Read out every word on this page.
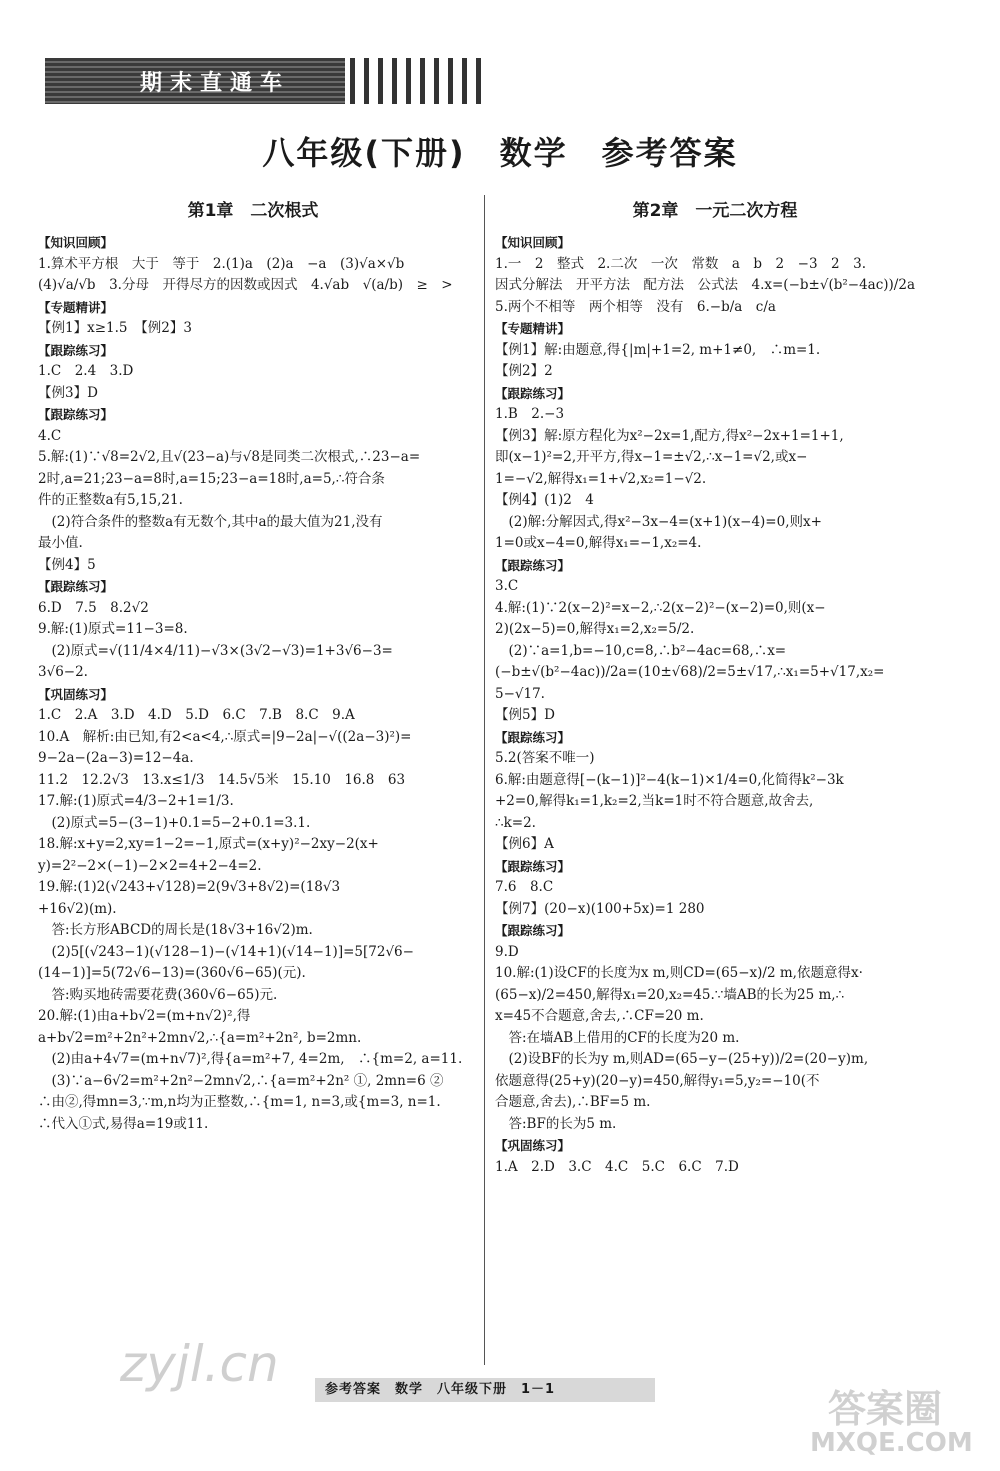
期末直通车
八年级(下册)　数学　参考答案
第1章　二次根式
【知识回顾】
1.算术平方根　大于　等于　2.(1)a　(2)a　−a　(3)√a×√b
(4)√a/√b　3.分母　开得尽方的因数或因式　4.√ab　√(a/b)　≥　>
【专题精讲】
【例1】x≥1.5　【例2】3
【跟踪练习】
1.C　2.4　3.D
【例3】D
【跟踪练习】
4.C
5.解:(1)∵√8=2√2,且√(23−a)与√8是同类二次根式,∴23−a=
2时,a=21;23−a=8时,a=15;23−a=18时,a=5,∴符合条
件的正整数a有5,15,21.
　(2)符合条件的整数a有无数个,其中a的最大值为21,没有
最小值.
【例4】5
【跟踪练习】
6.D　7.5　8.2√2
9.解:(1)原式=11−3=8.
　(2)原式=√(11/4×4/11)−√3×(3√2−√3)=1+3√6−3=
3√6−2.
【巩固练习】
1.C　2.A　3.D　4.D　5.D　6.C　7.B　8.C　9.A
10.A　解析:由已知,有2<a<4,∴原式=|9−2a|−√((2a−3)²)=
9−2a−(2a−3)=12−4a.
11.2　12.2√3　13.x≤1/3　14.5√5米　15.10　16.8　63
17.解:(1)原式=4/3−2+1=1/3.
　(2)原式=5−(3−1)+0.1=5−2+0.1=3.1.
18.解:x+y=2,xy=1−2=−1,原式=(x+y)²−2xy−2(x+
y)=2²−2×(−1)−2×2=4+2−4=2.
19.解:(1)2(√243+√128)=2(9√3+8√2)=(18√3
+16√2)(m).
　答:长方形ABCD的周长是(18√3+16√2)m.
　(2)5[(√243−1)(√128−1)−(√14+1)(√14−1)]=5[72√6−
(14−1)]=5(72√6−13)=(360√6−65)(元).
　答:购买地砖需要花费(360√6−65)元.
20.解:(1)由a+b√2=(m+n√2)²,得
a+b√2=m²+2n²+2mn√2,∴{a=m²+2n², b=2mn.
　(2)由a+4√7=(m+n√7)²,得{a=m²+7, 4=2m,　∴{m=2, a=11.
　(3)∵a−6√2=m²+2n²−2mn√2,∴{a=m²+2n² ①, 2mn=6 ②
∴由②,得mn=3,∵m,n均为正整数,∴{m=1, n=3,或{m=3, n=1.
∴代入①式,易得a=19或11.
第2章　一元二次方程
【知识回顾】
1.一　2　整式　2.二次　一次　常数　a　b　2　−3　2　3.
因式分解法　开平方法　配方法　公式法　4.x=(−b±√(b²−4ac))/2a
5.两个不相等　两个相等　没有　6.−b/a　c/a
【专题精讲】
【例1】解:由题意,得{|m|+1=2, m+1≠0,　∴m=1.
【例2】2
【跟踪练习】
1.B　2.−3
【例3】解:原方程化为x²−2x=1,配方,得x²−2x+1=1+1,
即(x−1)²=2,开平方,得x−1=±√2,∴x−1=√2,或x−
1=−√2,解得x₁=1+√2,x₂=1−√2.
【例4】(1)2　4
　(2)解:分解因式,得x²−3x−4=(x+1)(x−4)=0,则x+
1=0或x−4=0,解得x₁=−1,x₂=4.
【跟踪练习】
3.C
4.解:(1)∵2(x−2)²=x−2,∴2(x−2)²−(x−2)=0,则(x−
2)(2x−5)=0,解得x₁=2,x₂=5/2.
　(2)∵a=1,b=−10,c=8,∴b²−4ac=68,∴x=
(−b±√(b²−4ac))/2a=(10±√68)/2=5±√17,∴x₁=5+√17,x₂=
5−√17.
【例5】D
【跟踪练习】
5.2(答案不唯一)
6.解:由题意得[−(k−1)]²−4(k−1)×1/4=0,化简得k²−3k
+2=0,解得k₁=1,k₂=2,当k=1时不符合题意,故舍去,
∴k=2.
【例6】A
【跟踪练习】
7.6　8.C
【例7】(20−x)(100+5x)=1 280
【跟踪练习】
9.D
10.解:(1)设CF的长度为x m,则CD=(65−x)/2 m,依题意得x·
(65−x)/2=450,解得x₁=20,x₂=45.∵墙AB的长为25 m,∴
x=45不合题意,舍去,∴CF=20 m.
　答:在墙AB上借用的CF的长度为20 m.
　(2)设BF的长为y m,则AD=(65−y−(25+y))/2=(20−y)m,
依题意得(25+y)(20−y)=450,解得y₁=5,y₂=−10(不
合题意,舍去),∴BF=5 m.
　答:BF的长为5 m.
【巩固练习】
1.A　2.D　3.C　4.C　5.C　6.C　7.D
zyjl.cn	参考答案　数学　八年级下册　1－1	答案圈
MXQE.COM
